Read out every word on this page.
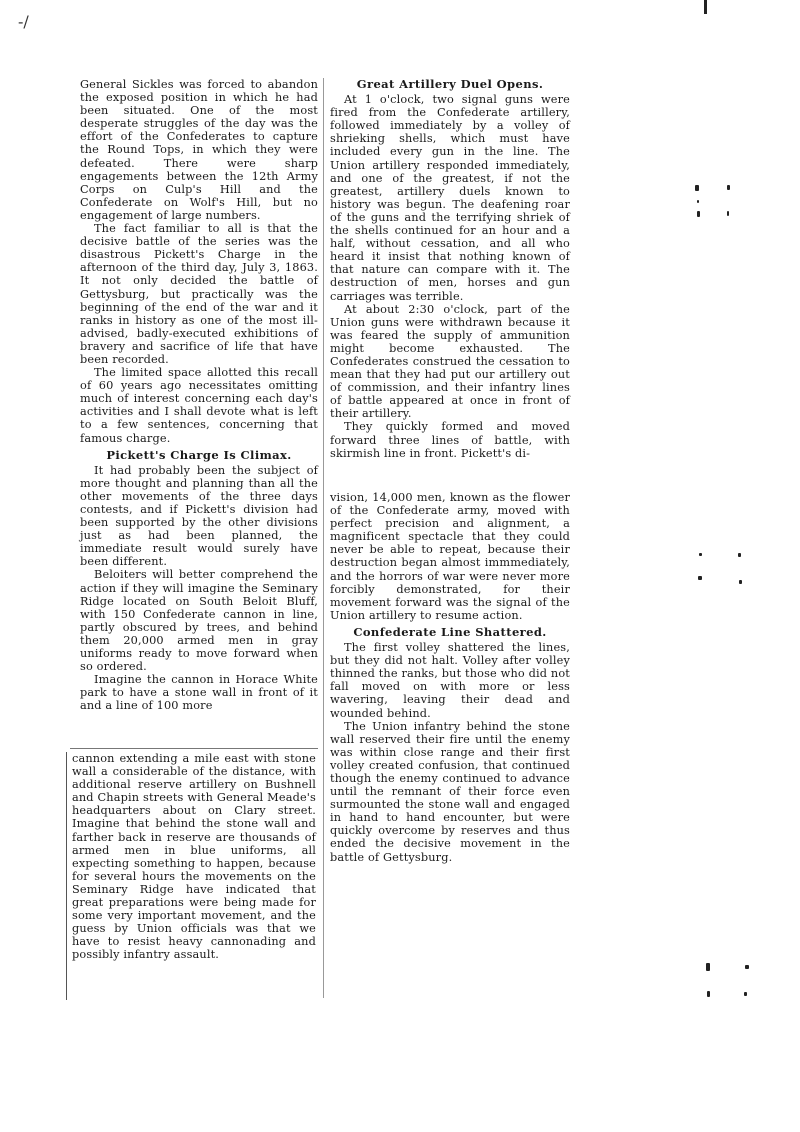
-/

General Sickles was forced to abandon the exposed position in which he had been situated. One of the most desperate struggles of the day was the effort of the Confederates to capture the Round Tops, in which they were defeated. There were sharp engagements between the 12th Army Corps on Culp's Hill and the Confederate on Wolf's Hill, but no engagement of large numbers.

The fact familiar to all is that the decisive battle of the series was the disastrous Pickett's Charge in the afternoon of the third day, July 3, 1863. It not only decided the battle of Gettysburg, but practically was the beginning of the end of the war and it ranks in history as one of the most ill-advised, badly-executed exhibitions of bravery and sacrifice of life that have been recorded.

The limited space allotted this recall of 60 years ago necessitates omitting much of interest concerning each day's activities and I shall devote what is left to a few sentences, concerning that famous charge.

Pickett's Charge Is Climax.

It had probably been the subject of more thought and planning than all the other movements of the three days contests, and if Pickett's division had been supported by the other divisions just as had been planned, the immediate result would surely have been different.

Beloiters will better comprehend the action if they will imagine the Seminary Ridge located on South Beloit Bluff, with 150 Confederate cannon in line, partly obscured by trees, and behind them 20,000 armed men in gray uniforms ready to move forward when so ordered.

Imagine the cannon in Horace White park to have a stone wall in front of it and a line of 100 more

cannon extending a mile east with stone wall a considerable of the distance, with additional reserve artillery on Bushnell and Chapin streets with General Meade's headquarters about on Clary street. Imagine that behind the stone wall and farther back in reserve are thousands of armed men in blue uniforms, all expecting something to happen, because for several hours the movements on the Seminary Ridge have indicated that great preparations were being made for some very important movement, and the guess by Union officials was that we have to resist heavy cannonading and possibly infantry assault.

Great Artillery Duel Opens.

At 1 o'clock, two signal guns were fired from the Confederate artillery, followed immediately by a volley of shrieking shells, which must have included every gun in the line. The Union artillery responded immediately, and one of the greatest, if not the greatest, artillery duels known to history was begun. The deafening roar of the guns and the terrifying shriek of the shells continued for an hour and a half, without cessation, and all who heard it insist that nothing known of that nature can compare with it. The destruction of men, horses and gun carriages was terrible.

At about 2:30 o'clock, part of the Union guns were withdrawn because it was feared the supply of ammunition might become exhausted. The Confederates construed the cessation to mean that they had put our artillery out of commission, and their infantry lines of battle appeared at once in front of their artillery.

They quickly formed and moved forward three lines of battle, with skirmish line in front. Pickett's di-

vision, 14,000 men, known as the flower of the Confederate army, moved with perfect precision and alignment, a magnificent spectacle that they could never be able to repeat, because their destruction began almost immmediately, and the horrors of war were never more forcibly demonstrated, for their movement forward was the signal of the Union artillery to resume action.

Confederate Line Shattered.

The first volley shattered the lines, but they did not halt. Volley after volley thinned the ranks, but those who did not fall moved on with more or less wavering, leaving their dead and wounded behind.

The Union infantry behind the stone wall reserved their fire until the enemy was within close range and their first volley created confusion, that continued though the enemy continued to advance until the remnant of their force even surmounted the stone wall and engaged in hand to hand encounter, but were quickly overcome by reserves and thus ended the decisive movement in the battle of Gettysburg.
